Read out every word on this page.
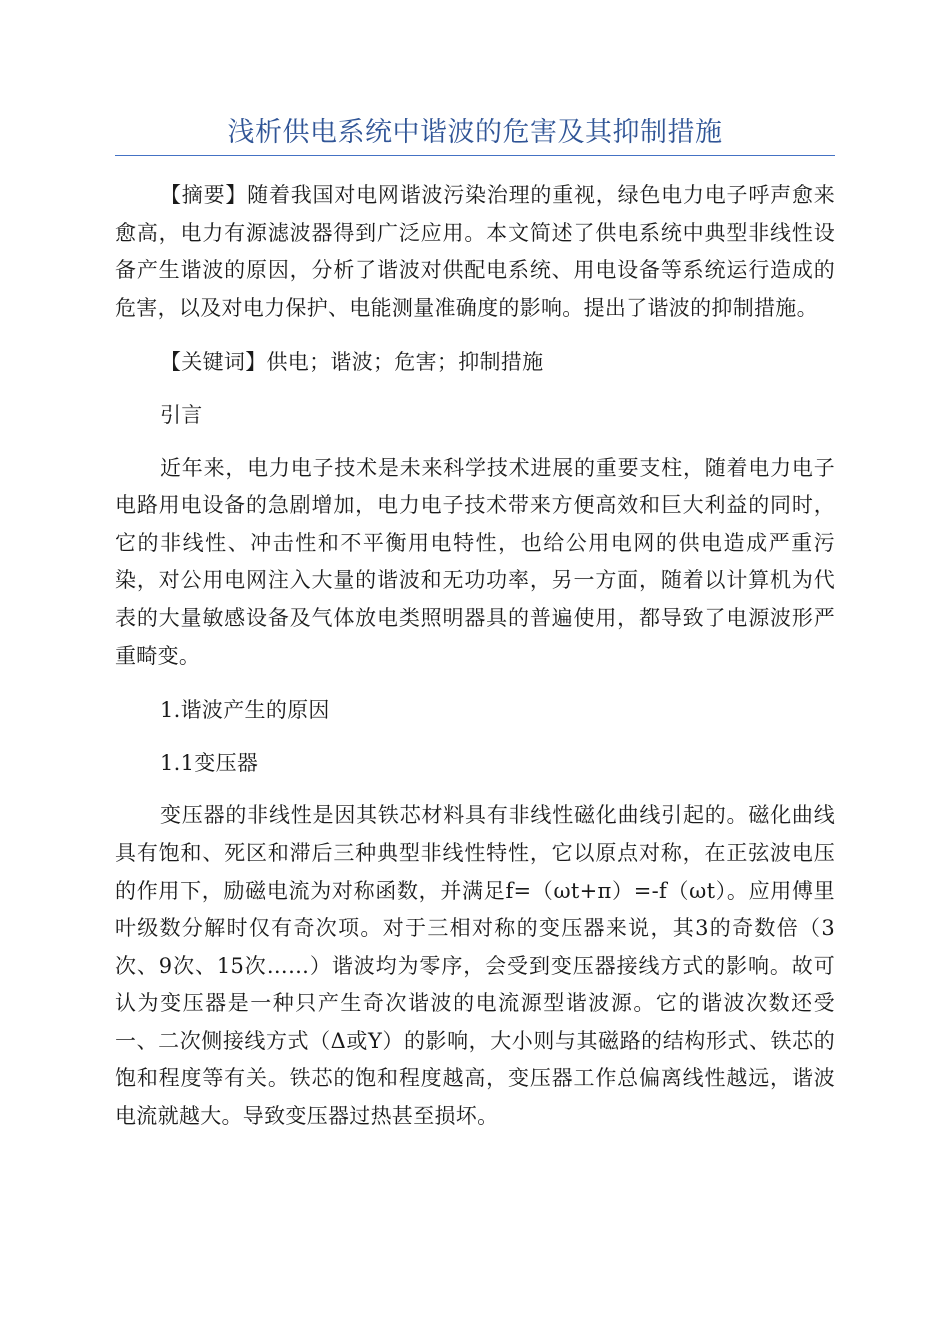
浅析供电系统中谐波的危害及其抑制措施

【摘要】随着我国对电网谐波污染治理的重视，绿色电力电子呼声愈来愈高，电力有源滤波器得到广泛应用。本文简述了供电系统中典型非线性设备产生谐波的原因，分析了谐波对供配电系统、用电设备等系统运行造成的危害，以及对电力保护、电能测量准确度的影响。提出了谐波的抑制措施。

【关键词】供电；谐波；危害；抑制措施

引言

近年来，电力电子技术是未来科学技术进展的重要支柱，随着电力电子电路用电设备的急剧增加，电力电子技术带来方便高效和巨大利益的同时，它的非线性、冲击性和不平衡用电特性，也给公用电网的供电造成严重污染，对公用电网注入大量的谐波和无功功率，另一方面，随着以计算机为代表的大量敏感设备及气体放电类照明器具的普遍使用，都导致了电源波形严重畸变。

1.谐波产生的原因

1.1变压器

变压器的非线性是因其铁芯材料具有非线性磁化曲线引起的。磁化曲线具有饱和、死区和滞后三种典型非线性特性，它以原点对称，在正弦波电压的作用下，励磁电流为对称函数，并满足f=（ωt+π）=-f（ωt）。应用傅里叶级数分解时仅有奇次项。对于三相对称的变压器来说，其3的奇数倍（3次、9次、15次……）谐波均为零序，会受到变压器接线方式的影响。故可认为变压器是一种只产生奇次谐波的电流源型谐波源。它的谐波次数还受一、二次侧接线方式（Δ或Y）的影响，大小则与其磁路的结构形式、铁芯的饱和程度等有关。铁芯的饱和程度越高，变压器工作总偏离线性越远，谐波电流就越大。导致变压器过热甚至损坏。
